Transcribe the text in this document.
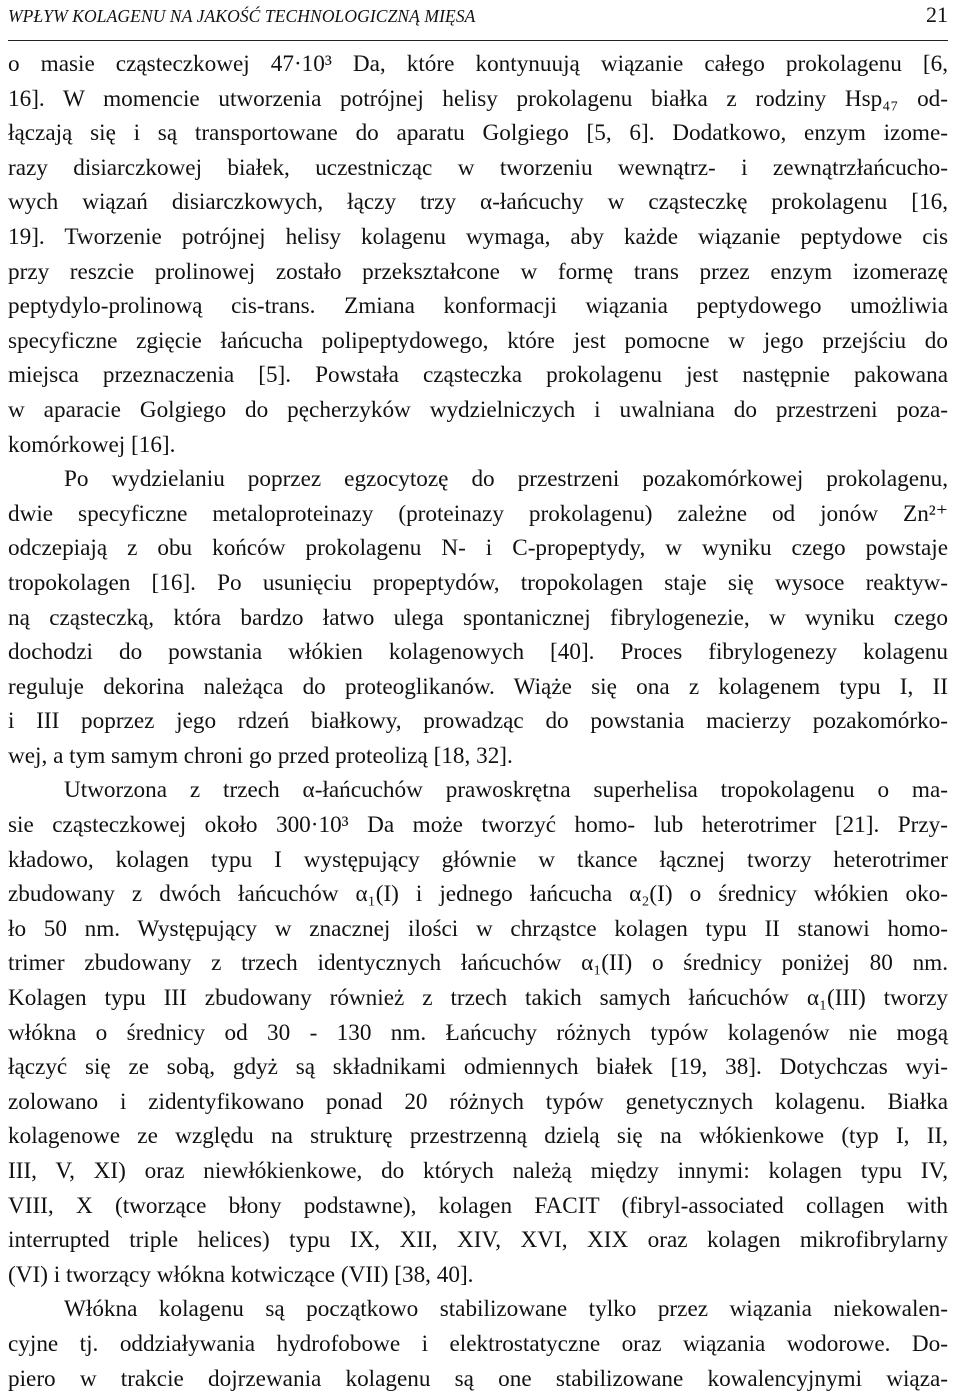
WPŁYW KOLAGENU NA JAKOŚĆ TECHNOLOGICZNĄ MIĘSA	21
o masie cząsteczkowej 47·10³ Da, które kontynuują wiązanie całego prokolagenu [6,
16]. W momencie utworzenia potrójnej helisy prokolagenu białka z rodziny Hsp₄₇ od-
łączają się i są transportowane do aparatu Golgiego [5, 6]. Dodatkowo, enzym izome-
razy disiarczkowej białek, uczestnicząc w tworzeniu wewnątrz- i zewnątrzłańcucho-
wych wiązań disiarczkowych, łączy trzy α-łańcuchy w cząsteczkę prokolagenu [16,
19]. Tworzenie potrójnej helisy kolagenu wymaga, aby każde wiązanie peptydowe cis
przy reszcie prolinowej zostało przekształcone w formę trans przez enzym izomerazę
peptydylo-prolinową cis-trans. Zmiana konformacji wiązania peptydowego umożliwia
specyficzne zgięcie łańcucha polipeptydowego, które jest pomocne w jego przejściu do
miejsca przeznaczenia [5]. Powstała cząsteczka prokolagenu jest następnie pakowana
w aparacie Golgiego do pęcherzyków wydzielniczych i uwalniana do przestrzeni poza-
komórkowej [16].
Po wydzielaniu poprzez egzocytozę do przestrzeni pozakomórkowej prokolagenu,
dwie specyficzne metaloproteinazy (proteinazy prokolagenu) zależne od jonów Zn²⁺
odczepiają z obu końców prokolagenu N- i C-propeptydy, w wyniku czego powstaje
tropokolagen [16]. Po usunięciu propeptydów, tropokolagen staje się wysoce reaktyw-
ną cząsteczką, która bardzo łatwo ulega spontanicznej fibrylogenezie, w wyniku czego
dochodzi do powstania włókien kolagenowych [40]. Proces fibrylogenezy kolagenu
reguluje dekorina należąca do proteoglikanów. Wiąże się ona z kolagenem typu I, II
i III poprzez jego rdzeń białkowy, prowadząc do powstania macierzy pozakomórko-
wej, a tym samym chroni go przed proteolizą [18, 32].
Utworzona z trzech α-łańcuchów prawoskrętna superhelisa tropokolagenu o ma-
sie cząsteczkowej około 300·10³ Da może tworzyć homo- lub heterotrimer [21]. Przy-
kładowo, kolagen typu I występujący głównie w tkance łącznej tworzy heterotrimer
zbudowany z dwóch łańcuchów α₁(I) i jednego łańcucha α₂(I) o średnicy włókien oko-
ło 50 nm. Występujący w znacznej ilości w chrząstce kolagen typu II stanowi homo-
trimer zbudowany z trzech identycznych łańcuchów α₁(II) o średnicy poniżej 80 nm.
Kolagen typu III zbudowany również z trzech takich samych łańcuchów α₁(III) tworzy
włókna o średnicy od 30 - 130 nm. Łańcuchy różnych typów kolagenów nie mogą
łączyć się ze sobą, gdyż są składnikami odmiennych białek [19, 38]. Dotychczas wyi-
zolowano i zidentyfikowano ponad 20 różnych typów genetycznych kolagenu. Białka
kolagenowe ze względu na strukturę przestrzenną dzielą się na włókienkowe (typ I, II,
III, V, XI) oraz niewłókienkowe, do których należą między innymi: kolagen typu IV,
VIII, X (tworzące błony podstawne), kolagen FACIT (fibryl-associated collagen with
interrupted triple helices) typu IX, XII, XIV, XVI, XIX oraz kolagen mikrofibrylarny
(VI) i tworzący włókna kotwiczące (VII) [38, 40].
Włókna kolagenu są początkowo stabilizowane tylko przez wiązania niekowalen-
cyjne tj. oddziaływania hydrofobowe i elektrostatyczne oraz wiązania wodorowe. Do-
piero w trakcie dojrzewania kolagenu są one stabilizowane kowalencyjnymi wiąza-
